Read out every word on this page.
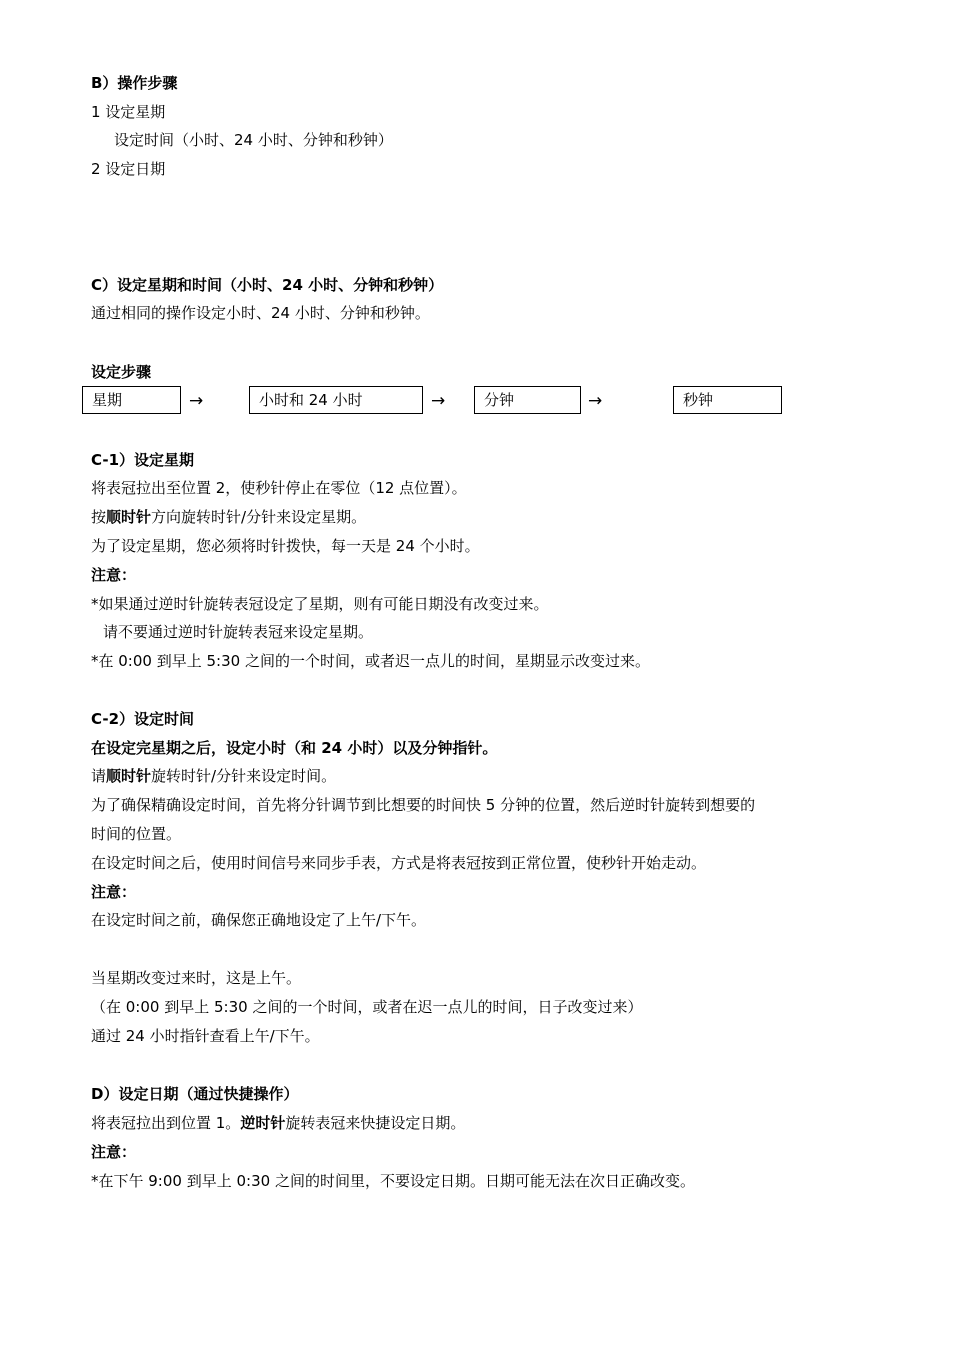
B）操作步骤
1 设定星期
设定时间（小时、24 小时、分钟和秒钟）
2 设定日期
C）设定星期和时间（小时、24 小时、分钟和秒钟）
通过相同的操作设定小时、24 小时、分钟和秒钟。
设定步骤
星期	→	小时和 24 小时	→	分钟	→	秒钟
C-1）设定星期
将表冠拉出至位置 2，使秒针停止在零位（12 点位置）。
按顺时针方向旋转时针/分针来设定星期。
为了设定星期，您必须将时针拨快，每一天是 24 个小时。
注意：
*如果通过逆时针旋转表冠设定了星期，则有可能日期没有改变过来。
请不要通过逆时针旋转表冠来设定星期。
*在 0:00 到早上 5:30 之间的一个时间，或者迟一点儿的时间，星期显示改变过来。
C-2）设定时间
在设定完星期之后，设定小时（和 24 小时）以及分钟指针。
请顺时针旋转时针/分针来设定时间。
为了确保精确设定时间，首先将分针调节到比想要的时间快 5 分钟的位置，然后逆时针旋转到想要的
时间的位置。
在设定时间之后，使用时间信号来同步手表，方式是将表冠按到正常位置，使秒针开始走动。
注意：
在设定时间之前，确保您正确地设定了上午/下午。
当星期改变过来时，这是上午。
（在 0:00 到早上 5:30 之间的一个时间，或者在迟一点儿的时间，日子改变过来）
通过 24 小时指针查看上午/下午。
D）设定日期（通过快捷操作）
将表冠拉出到位置 1。逆时针旋转表冠来快捷设定日期。
注意：
*在下午 9:00 到早上 0:30 之间的时间里，不要设定日期。日期可能无法在次日正确改变。
